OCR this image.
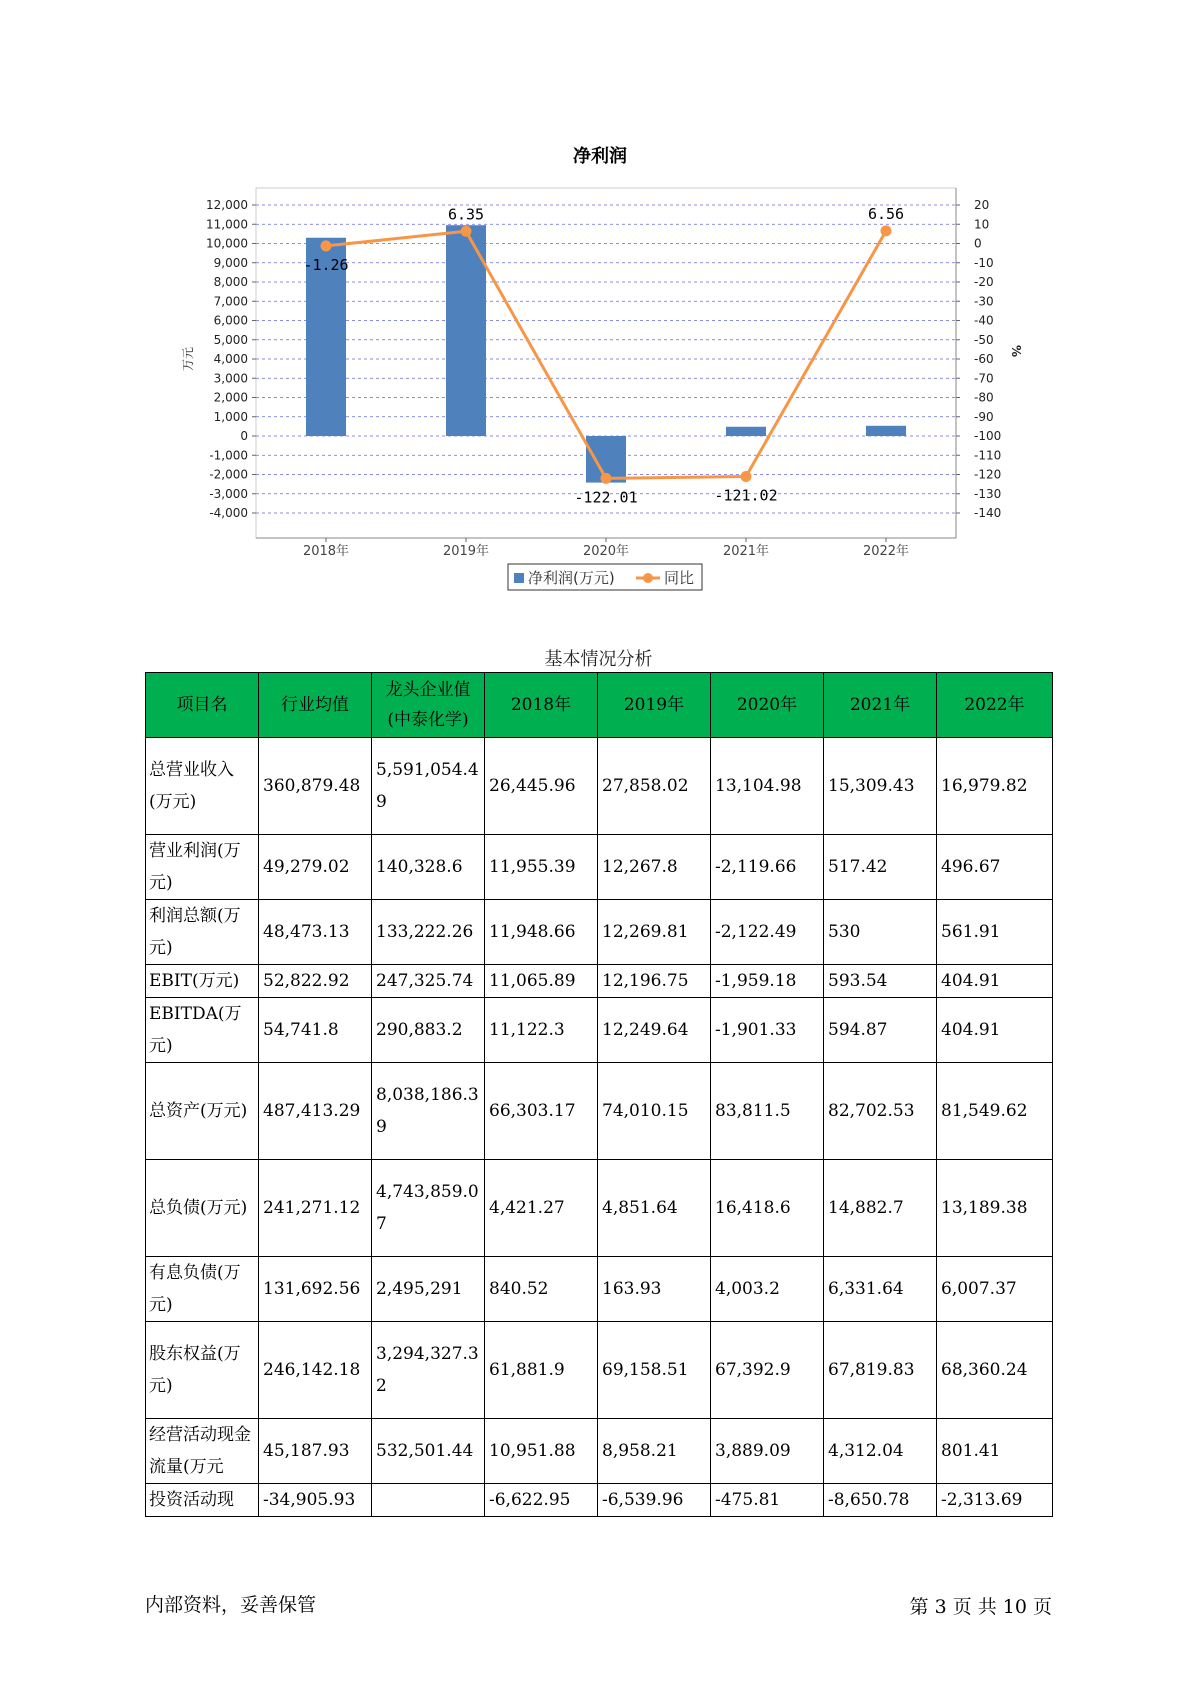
净利润
12,000
11,000
10,000
9,000
8,000
7,000
6,000
5,000
4,000
3,000
2,000
1,000
0
-1,000
-2,000
-3,000
-4,000
20
10
0
-10
-20
-30
-40
-50
-60
-70
-80
-90
-100
-110
-120
-130
-140
万元	%
2018年	2019年	2020年	2021年	2022年
-1.26
6.35
-122.01	-121.02
6.56
净利润(万元)	同比
基本情况分析
项目名	行业均值	龙头企业值(中泰化学)	2018年	2019年	2020年	2021年	2022年
总营业收入(万元)	360,879.48	5,591,054.49	26,445.96	27,858.02	13,104.98	15,309.43	16,979.82
营业利润(万元)	49,279.02	140,328.6	11,955.39	12,267.8	-2,119.66	517.42	496.67
利润总额(万元)	48,473.13	133,222.26	11,948.66	12,269.81	-2,122.49	530	561.91
EBIT(万元)	52,822.92	247,325.74	11,065.89	12,196.75	-1,959.18	593.54	404.91
EBITDA(万元)	54,741.8	290,883.2	11,122.3	12,249.64	-1,901.33	594.87	404.91
总资产(万元)	487,413.29	8,038,186.39	66,303.17	74,010.15	83,811.5	82,702.53	81,549.62
总负债(万元)	241,271.12	4,743,859.07	4,421.27	4,851.64	16,418.6	14,882.7	13,189.38
有息负债(万元)	131,692.56	2,495,291	840.52	163.93	4,003.2	6,331.64	6,007.37
股东权益(万元)	246,142.18	3,294,327.32	61,881.9	69,158.51	67,392.9	67,819.83	68,360.24
经营活动现金流量(万元	45,187.93	532,501.44	10,951.88	8,958.21	3,889.09	4,312.04	801.41
投资活动现	-34,905.93		-6,622.95	-6,539.96	-475.81	-8,650.78	-2,313.69
内部资料，妥善保管	第 3 页 共 10 页
